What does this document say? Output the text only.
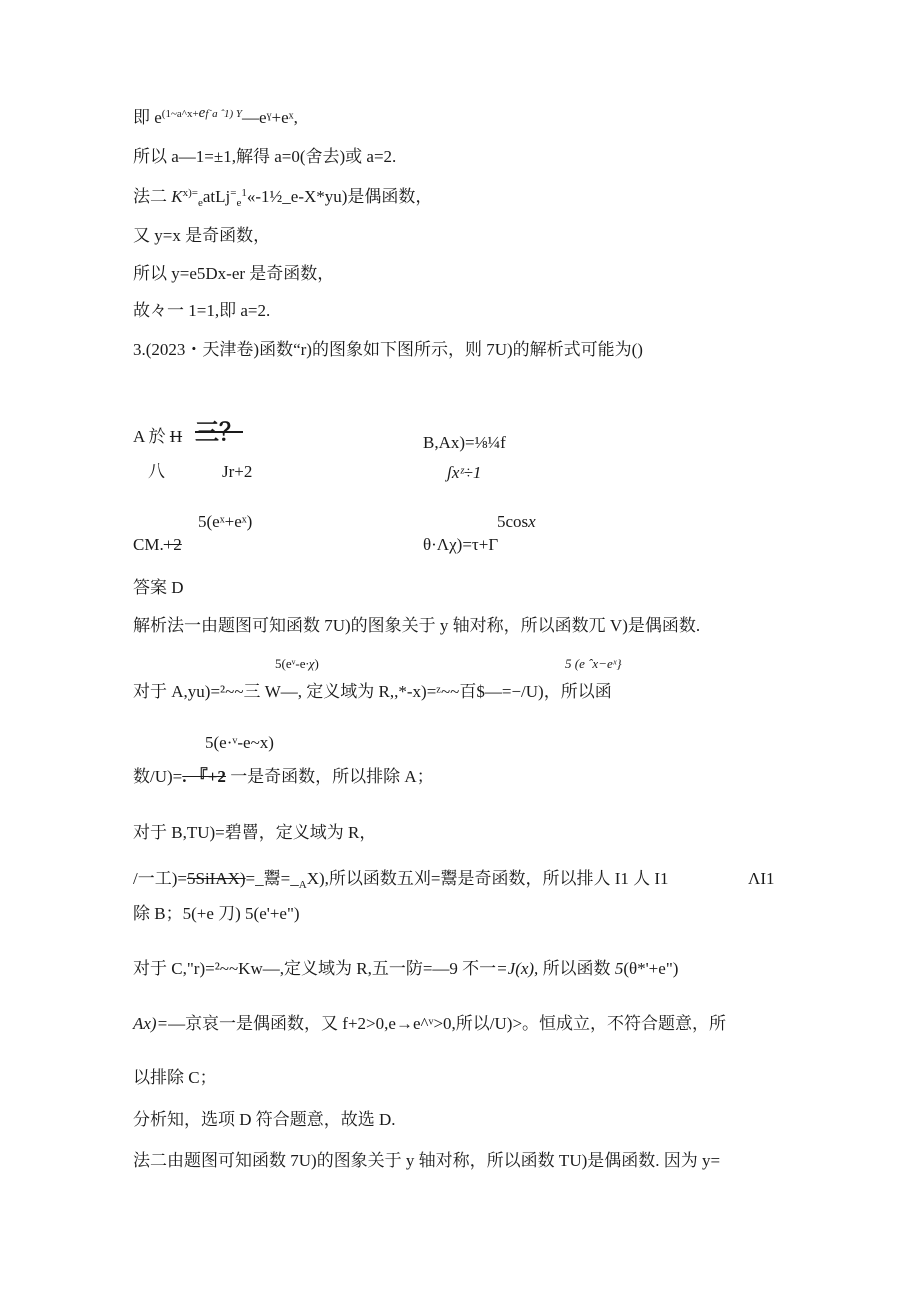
即 $e^{(1\sim a\^{}x+ef˙a ˆ1) Y}—eˠ+eˣ$,
所以 a—1=±1,解得 a=0(舍去)或 a=2.
法二 $K^{x)=}_eatLj^=_e^1«-1\frac{1}{2}\_e-X*yu$)是偶函数，
又 y=x 是奇函数，
所以 y=e5Dx-er 是奇函数，
故々一 1=1,即 a=2.
3.(2023・天津卷)函数“r)的图象如下图所示，则 7U)的解析式可能为()
A 於 H 三？
八	Jr+2
B,Ax)=⅛¼f
ʃxᶻ÷1
5(eˣ+eˣ)
CM.+2
5cosx
θ·Λχ)=τ+Γ
答案 D
解析法一由题图可知函数 7U)的图象关于 y 轴对称，所以函数兀 V)是偶函数.
5(eᵛ-e·χ)	5 (e ˆx−eˣ}
对于 A,yu)=²~~三 W—, 定义域为 R,,*-x)=ᶻ~~百$—=−/U)，所以函
5(e·ᵛ-e~x)
数/U)=. 『+2 一是奇函数，所以排除 A；
对于 B,TU)=碧罾，定义域为 R，
/一工)=5SiIAX)=_鬻$=\__AX$),所以函数五刈=鬻是奇函数，所以排人 I1 人 I1	ΛI1
除 B；5(+e 刀) 5(e'+e")
对于 C,"r)=²~~Kw—,定义域为 R,五一防=—9 不一=J(x), 所以函数 5(θ*'+e")
Ax)=—京哀一是偶函数，又 f+2>0,e→e^ᵛ>0,所以/U)>。恒成立，不符合题意，所
以排除 C；
分析知，选项 D 符合题意，故选 D.
法二由题图可知函数 7U)的图象关于 y 轴对称，所以函数 TU)是偶函数. 因为 y=
